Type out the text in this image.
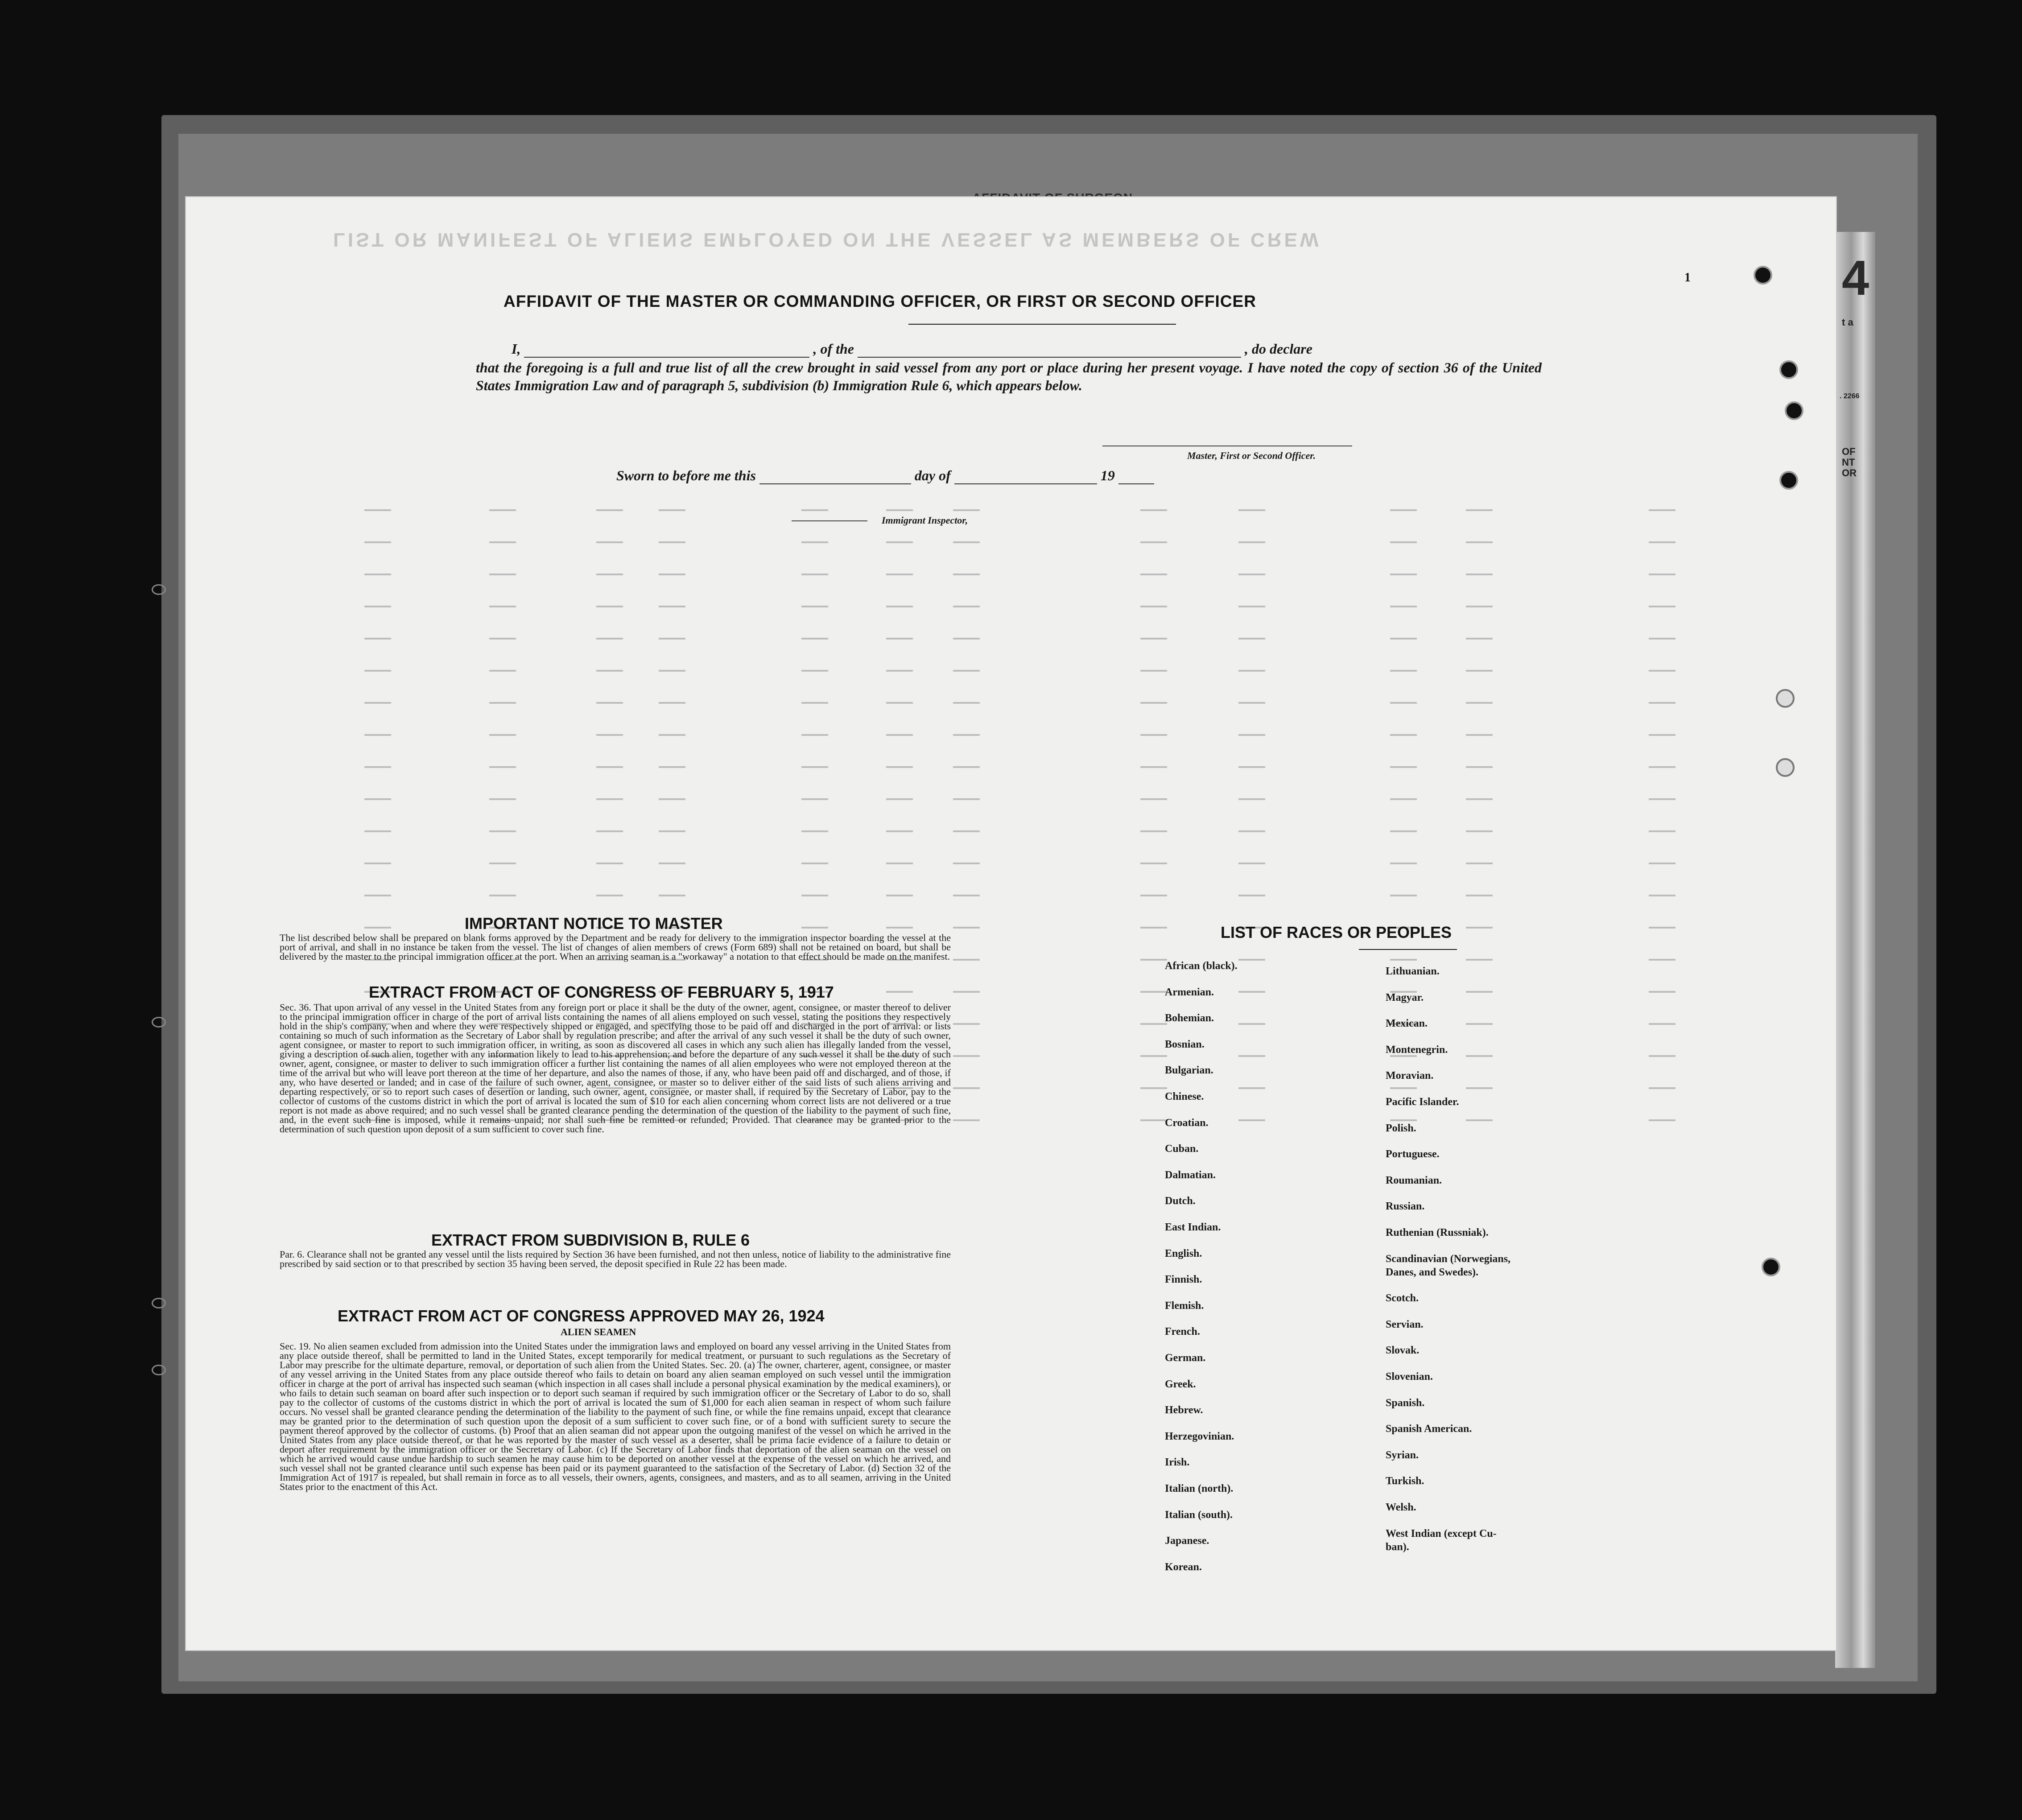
4
t a
. 2266
OF
NT
OR
LIST OR MANIFEST OF ALIENS EMPLOYED ON THE VESSEL AS MEMBERS OF CREW
AFFIDAVIT OF THE MASTER OR COMMANDING OFFICER, OR FIRST OR SECOND OFFICER
I,	, of the	, do declare
that the foregoing is a full and true list of all the crew brought in said vessel from any port or place during her present voyage. I have noted the copy of section 36 of the United States Immigration Law and of paragraph 5, subdivision (b) Immigration Rule 6, which appears below.
Master, First or Second Officer.
Sworn to before me this	day of	19
Immigrant Inspector,
1
IMPORTANT NOTICE TO MASTER
The list described below shall be prepared on blank forms approved by the Department and be ready for delivery to the immigration inspector boarding the vessel at the port of arrival, and shall in no instance be taken from the vessel. The list of changes of alien members of crews (Form 689) shall not be retained on board, but shall be delivered by the master to the principal immigration officer at the port. When an arriving seaman is a "workaway" a notation to that effect should be made on the manifest.
EXTRACT FROM ACT OF CONGRESS OF FEBRUARY 5, 1917
Sec. 36. That upon arrival of any vessel in the United States from any foreign port or place it shall be the duty of the owner, agent, consignee, or master thereof to deliver to the principal immigration officer in charge of the port of arrival lists containing the names of all aliens employed on such vessel, stating the positions they respectively hold in the ship's company, when and where they were respectively shipped or engaged, and specifying those to be paid off and discharged in the port of arrival: or lists containing so much of such information as the Secretary of Labor shall by regulation prescribe; and after the arrival of any such vessel it shall be the duty of such owner, agent consignee, or master to report to such immigration officer, in writing, as soon as discovered all cases in which any such alien has illegally landed from the vessel, giving a description of such alien, together with any information likely to lead to his apprehension; and before the departure of any such vessel it shall be the duty of such owner, agent, consignee, or master to deliver to such immigration officer a further list containing the names of all alien employees who were not employed thereon at the time of the arrival but who will leave port thereon at the time of her departure, and also the names of those, if any, who have been paid off and discharged, and of those, if any, who have deserted or landed; and in case of the failure of such owner, agent, consignee, or master so to deliver either of the said lists of such aliens arriving and departing respectively, or so to report such cases of desertion or landing, such owner, agent, consignee, or master shall, if required by the Secretary of Labor, pay to the collector of customs of the customs district in which the port of arrival is located the sum of $10 for each alien concerning whom correct lists are not delivered or a true report is not made as above required; and no such vessel shall be granted clearance pending the determination of the question of the liability to the payment of such fine, and, in the event such fine is imposed, while it remains unpaid; nor shall such fine be remitted or refunded; Provided. That clearance may be granted prior to the determination of such question upon deposit of a sum sufficient to cover such fine.
EXTRACT FROM SUBDIVISION B, RULE 6
Par. 6. Clearance shall not be granted any vessel until the lists required by Section 36 have been furnished, and not then unless, notice of liability to the administrative fine prescribed by said section or to that prescribed by section 35 having been served, the deposit specified in Rule 22 has been made.
EXTRACT FROM ACT OF CONGRESS APPROVED MAY 26, 1924
ALIEN SEAMEN
Sec. 19. No alien seamen excluded from admission into the United States under the immigration laws and employed on board any vessel arriving in the United States from any place outside thereof, shall be permitted to land in the United States, except temporarily for medical treatment, or pursuant to such regulations as the Secretary of Labor may prescribe for the ultimate departure, removal, or deportation of such alien from the United States. Sec. 20. (a) The owner, charterer, agent, consignee, or master of any vessel arriving in the United States from any place outside thereof who fails to detain on board any alien seaman employed on such vessel until the immigration officer in charge at the port of arrival has inspected such seaman (which inspection in all cases shall include a personal physical examination by the medical examiners), or who fails to detain such seaman on board after such inspection or to deport such seaman if required by such immigration officer or the Secretary of Labor to do so, shall pay to the collector of customs of the customs district in which the port of arrival is located the sum of $1,000 for each alien seaman in respect of whom such failure occurs. No vessel shall be granted clearance pending the determination of the liability to the payment of such fine, or while the fine remains unpaid, except that clearance may be granted prior to the determination of such question upon the deposit of a sum sufficient to cover such fine, or of a bond with sufficient surety to secure the payment thereof approved by the collector of customs. (b) Proof that an alien seaman did not appear upon the outgoing manifest of the vessel on which he arrived in the United States from any place outside thereof, or that he was reported by the master of such vessel as a deserter, shall be prima facie evidence of a failure to detain or deport after requirement by the immigration officer or the Secretary of Labor. (c) If the Secretary of Labor finds that deportation of the alien seaman on the vessel on which he arrived would cause undue hardship to such seamen he may cause him to be deported on another vessel at the expense of the vessel on which he arrived, and such vessel shall not be granted clearance until such expense has been paid or its payment guaranteed to the satisfaction of the Secretary of Labor. (d) Section 32 of the Immigration Act of 1917 is repealed, but shall remain in force as to all vessels, their owners, agents, consignees, and masters, and as to all seamen, arriving in the United States prior to the enactment of this Act.
LIST OF RACES OR PEOPLES
African (black).
Armenian.
Bohemian.
Bosnian.
Bulgarian.
Chinese.
Croatian.
Cuban.
Dalmatian.
Dutch.
East Indian.
English.
Finnish.
Flemish.
French.
German.
Greek.
Hebrew.
Herzegovinian.
Irish.
Italian (north).
Italian (south).
Japanese.
Korean.
Lithuanian.
Magyar.
Mexican.
Montenegrin.
Moravian.
Pacific Islander.
Polish.
Portuguese.
Roumanian.
Russian.
Ruthenian (Russniak).
Scandinavian (Norwegians,
Danes, and Swedes).
Scotch.
Servian.
Slovak.
Slovenian.
Spanish.
Spanish American.
Syrian.
Turkish.
Welsh.
West Indian (except Cu-
ban).
